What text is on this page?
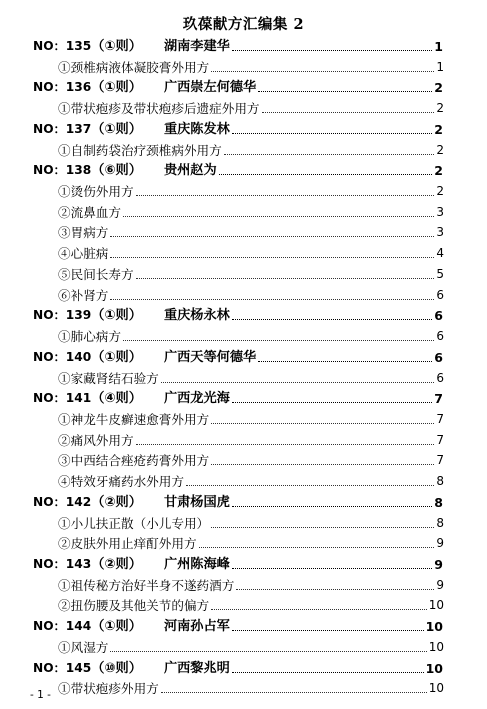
玖葆献方汇编集 2
NO：135（①则） 湖南李建华	1
①颈椎病液体凝胶膏外用方	1
NO：136（①则） 广西崇左何德华	2
①带状疱疹及带状疱疹后遗症外用方	2
NO：137（①则） 重庆陈发林	2
①自制药袋治疗颈椎病外用方	2
NO：138（⑥则） 贵州赵为	2
①烫伤外用方	2
②流鼻血方	3
③胃病方	3
④心脏病	4
⑤民间长寿方	5
⑥补肾方	6
NO：139（①则） 重庆杨永林	6
①肺心病方	6
NO：140（①则） 广西天等何德华	6
①家藏肾结石验方	6
NO：141（④则） 广西龙光海	7
①神龙牛皮癣速愈膏外用方	7
②痛风外用方	7
③中西结合痤疮药膏外用方	7
④特效牙痛药水外用方	8
NO：142（②则） 甘肃杨国虎	8
①小儿扶正散（小儿专用）	8
②皮肤外用止痒酊外用方	9
NO：143（②则） 广州陈海峰	9
①祖传秘方治好半身不遂药酒方	9
②扭伤腰及其他关节的偏方	10
NO：144（①则） 河南孙占军	10
①风湿方	10
NO：145（⑩则） 广西黎兆明	10
①带状疱疹外用方	10
- 1 -
